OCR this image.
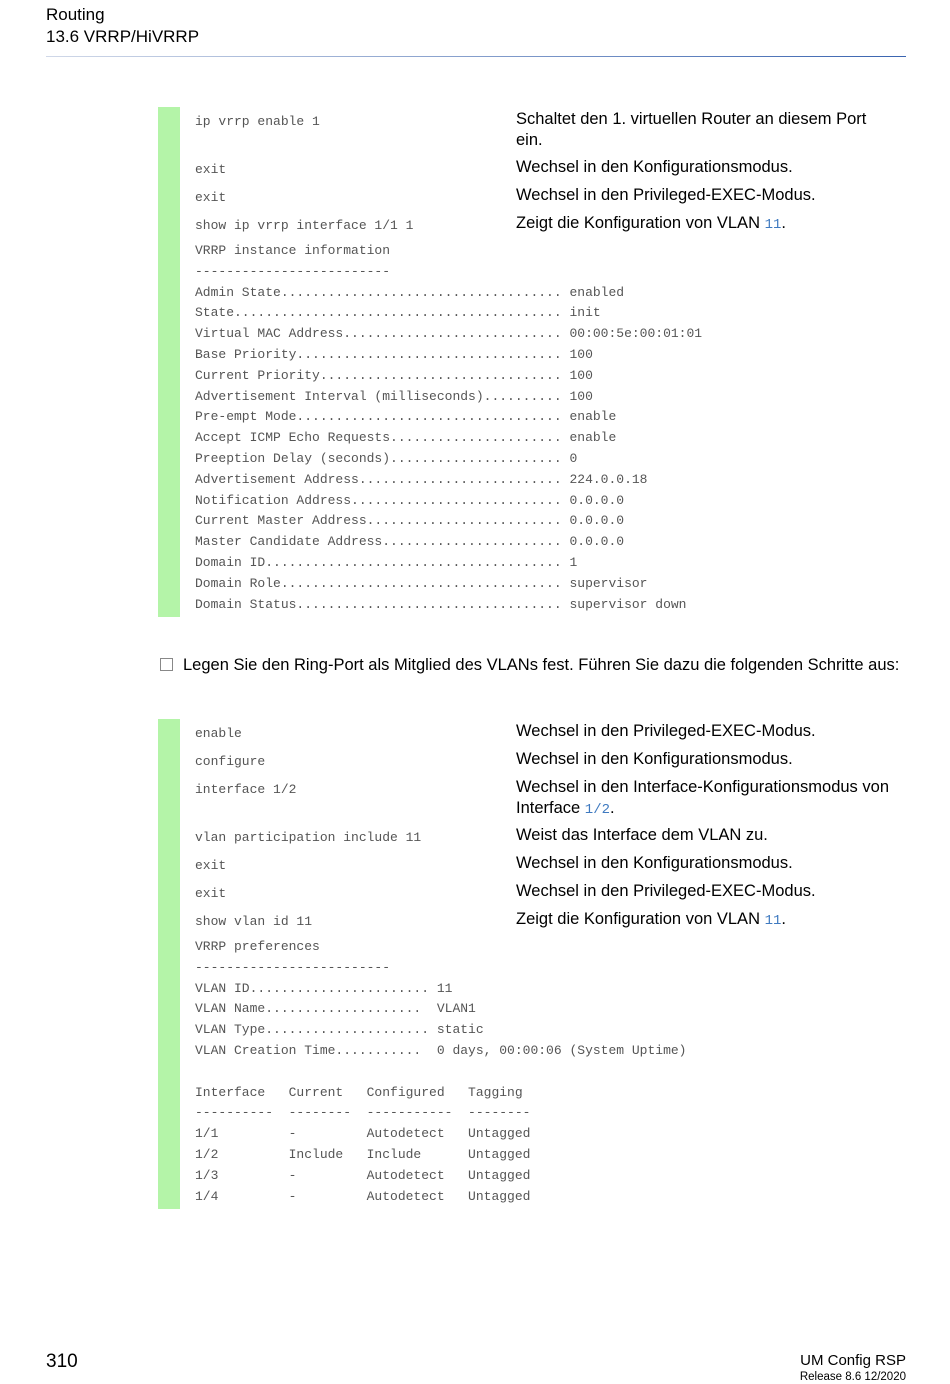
Routing
13.6 VRRP/HiVRRP
ip vrrp enable 1	Schaltet den 1. virtuellen Router an diesem Port ein.
exit	Wechsel in den Konfigurationsmodus.
exit	Wechsel in den Privileged-EXEC-Modus.
show ip vrrp interface 1/1 1	Zeigt die Konfiguration von VLAN 11.
VRRP instance information
-------------------------
Admin State.................................... enabled
State.......................................... init
Virtual MAC Address............................ 00:00:5e:00:01:01
Base Priority.................................. 100
Current Priority............................... 100
Advertisement Interval (milliseconds).......... 100
Pre-empt Mode.................................. enable
Accept ICMP Echo Requests...................... enable
Preeption Delay (seconds)...................... 0
Advertisement Address.......................... 224.0.0.18
Notification Address........................... 0.0.0.0
Current Master Address......................... 0.0.0.0
Master Candidate Address....................... 0.0.0.0
Domain ID...................................... 1
Domain Role.................................... supervisor
Domain Status.................................. supervisor down
Legen Sie den Ring-Port als Mitglied des VLANs fest. Führen Sie dazu die folgenden Schritte aus:
enable	Wechsel in den Privileged-EXEC-Modus.
configure	Wechsel in den Konfigurationsmodus.
interface 1/2	Wechsel in den Interface-Konfigurationsmodus von Interface 1/2.
vlan participation include 11	Weist das Interface dem VLAN zu.
exit	Wechsel in den Konfigurationsmodus.
exit	Wechsel in den Privileged-EXEC-Modus.
show vlan id 11	Zeigt die Konfiguration von VLAN 11.
VRRP preferences
-------------------------
VLAN ID....................... 11
VLAN Name....................  VLAN1
VLAN Type..................... static
VLAN Creation Time...........  0 days, 00:00:06 (System Uptime)

Interface   Current   Configured   Tagging
----------  --------  -----------  --------
1/1         -         Autodetect   Untagged
1/2         Include   Include      Untagged
1/3         -         Autodetect   Untagged
1/4         -         Autodetect   Untagged
310	UM Config RSP
Release 8.6 12/2020
